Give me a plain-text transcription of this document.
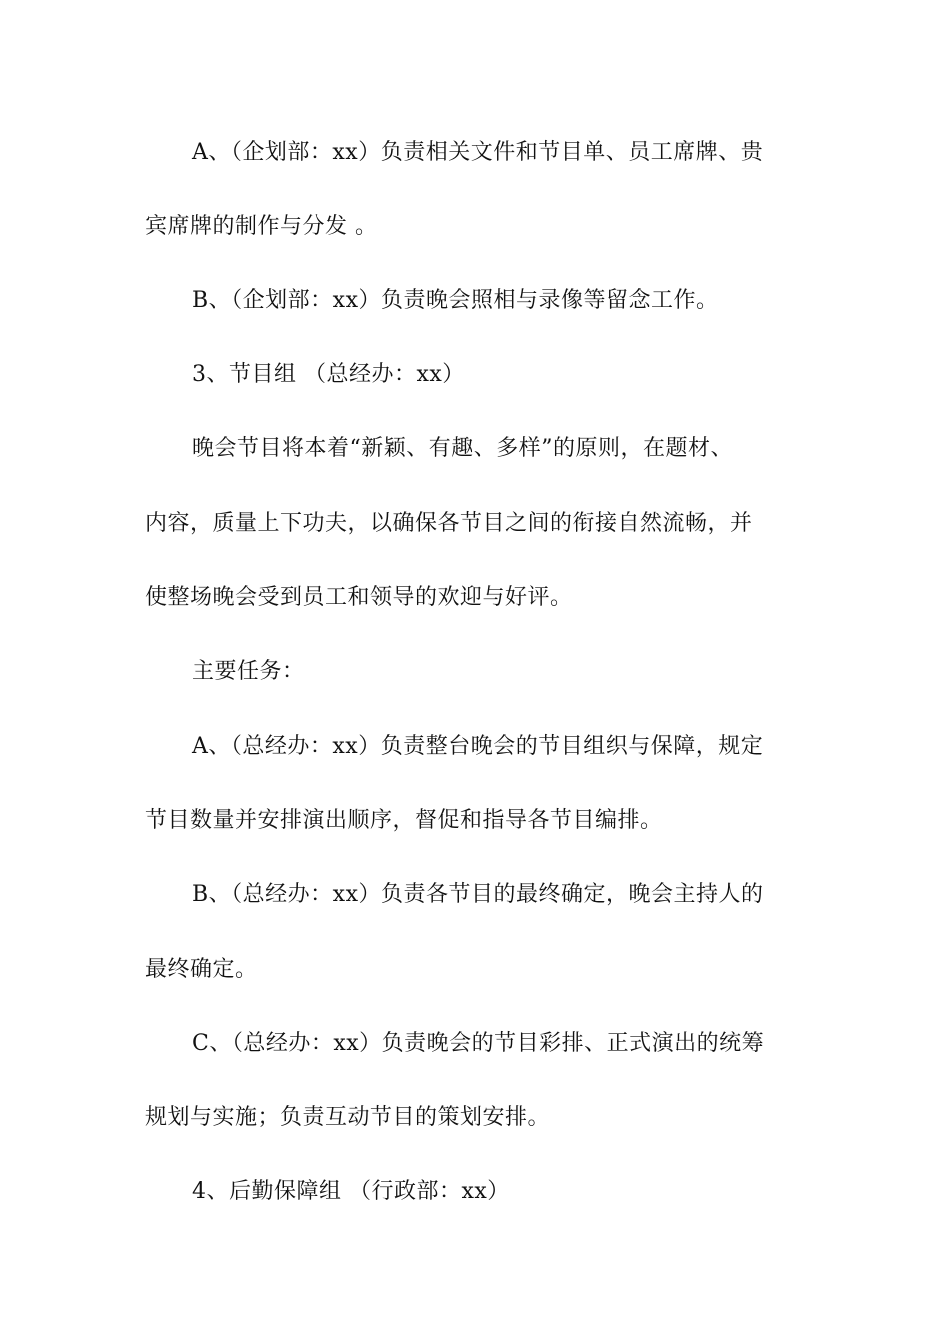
A、（企划部：xx）负责相关文件和节目单、员工席牌、贵
宾席牌的制作与分发 。
B、（企划部：xx）负责晚会照相与录像等留念工作。
3、节目组 （总经办：xx）
晚会节目将本着“新颖、有趣、多样”的原则，在题材、
内容，质量上下功夫，以确保各节目之间的衔接自然流畅，并
使整场晚会受到员工和领导的欢迎与好评。
主要任务：
A、（总经办：xx）负责整台晚会的节目组织与保障，规定
节目数量并安排演出顺序，督促和指导各节目编排。
B、（总经办：xx）负责各节目的最终确定，晚会主持人的
最终确定。
C、（总经办：xx）负责晚会的节目彩排、正式演出的统筹
规划与实施；负责互动节目的策划安排。
4、后勤保障组 （行政部：xx）
